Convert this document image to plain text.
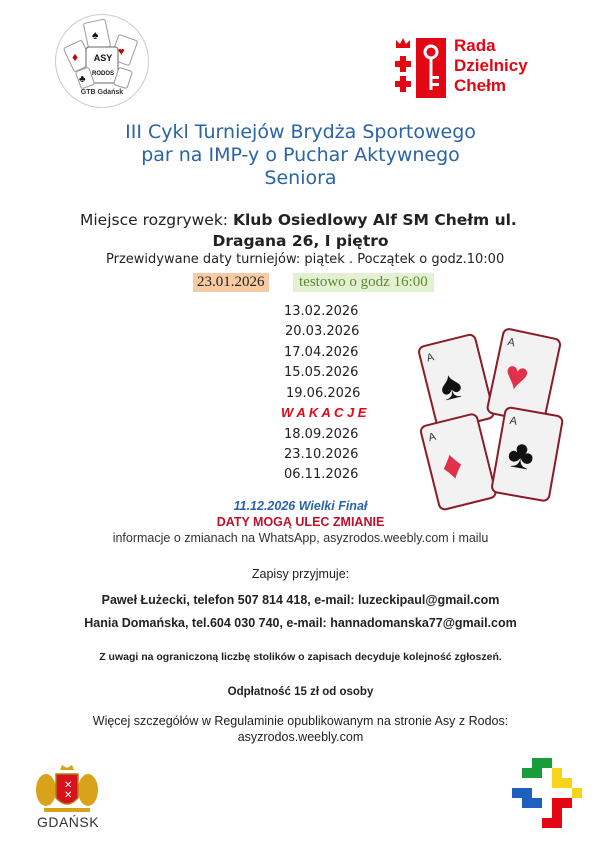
♠
♦	♥
♣
ASY
RODOS
GTB Gdańsk
Rada
Dzielnicy
Chełm
III Cykl Turniejów Brydża Sportowego
par na IMP-y o Puchar Aktywnego
Seniora
Miejsce rozgrywek: Klub Osiedlowy Alf SM Chełm ul.
Dragana 26, I piętro
Przewidywane daty turniejów: piątek . Początek o godz.10:00
23.01.2026	testowo o godz 16:00
13.02.2026
20.03.2026
17.04.2026
15.05.2026
19.06.2026
W A K A C J E
18.09.2026
23.10.2026
06.11.2026
A
♠
A
♥
A
♦
A
♣
11.12.2026 Wielki Finał
DATY MOGĄ ULEC ZMIANIE
informacje o zmianach na WhatsApp, asyzrodos.weebly.com i mailu
Zapisy przyjmuje:
Paweł Łużecki, telefon 507 814 418, e-mail: luzeckipaul@gmail.com
Hania Domańska, tel.604 030 740, e-mail: hannadomanska77@gmail.com
Z uwagi na ograniczoną liczbę stolików o zapisach decyduje kolejność zgłoszeń.
Odpłatność 15 zł od osoby
Więcej szczegółów w Regulaminie opublikowanym na stronie Asy z Rodos:
asyzrodos.weebly.com
✕
✕
GDAŃSK
